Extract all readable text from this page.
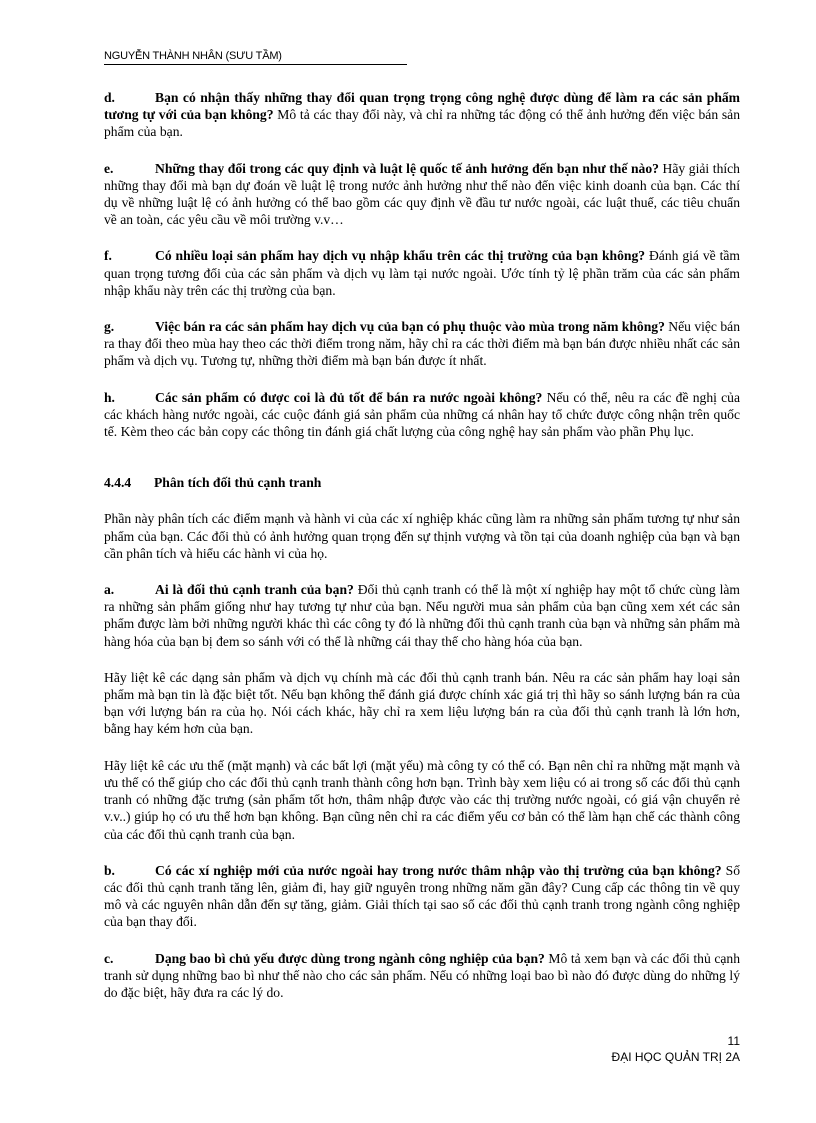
NGUYỄN THÀNH NHÂN (SƯU TẦM)

d.	Bạn có nhận thấy những thay đổi quan trọng trọng công nghệ được dùng để làm ra các sản phẩm tương tự với của bạn không? Mô tả các thay đổi này, và chỉ ra những tác động có thể ảnh hưởng đến việc bán sản phẩm của bạn.

e.	Những thay đổi trong các quy định và luật lệ quốc tế ảnh hưởng đến bạn như thế nào? Hãy giải thích những thay đổi mà bạn dự đoán về luật lệ trong nước ảnh hưởng như thế nào đến việc kinh doanh của bạn. Các thí dụ về những luật lệ có ảnh hưởng có thể bao gồm các quy định về đầu tư nước ngoài, các luật thuế, các tiêu chuẩn về an toàn, các yêu cầu về môi trường v.v…

f.	Có nhiều loại sản phẩm hay dịch vụ nhập khẩu trên các thị trường của bạn không? Đánh giá về tầm quan trọng tương đối của các sản phẩm và dịch vụ làm tại nước ngoài. Ước tính tỷ lệ phần trăm của các sản phẩm nhập khẩu này trên các thị trường của bạn.

g.	Việc bán ra các sản phẩm hay dịch vụ của bạn có phụ thuộc vào mùa trong năm không? Nếu việc bán ra thay đổi theo mùa hay theo các thời điểm trong năm, hãy chỉ ra các thời điểm mà bạn bán được nhiều nhất các sản phẩm và dịch vụ. Tương tự, những thời điểm mà bạn bán được ít nhất.

h.	Các sản phẩm có được coi là đủ tốt để bán ra nước ngoài không? Nếu có thể, nêu ra các đề nghị của các khách hàng nước ngoài, các cuộc đánh giá sản phẩm của những cá nhân hay tổ chức được công nhận trên quốc tế. Kèm theo các bản copy các thông tin đánh giá chất lượng của công nghệ hay sản phẩm vào phần Phụ lục.

4.4.4 Phân tích đối thủ cạnh tranh

Phần này phân tích các điểm mạnh và hành vi của các xí nghiệp khác cũng làm ra những sản phẩm tương tự như sản phẩm của bạn. Các đối thủ có ảnh hưởng quan trọng đến sự thịnh vượng và tồn tại của doanh nghiệp của bạn và bạn cần phân tích và hiểu các hành vi của họ.

a.	Ai là đối thủ cạnh tranh của bạn? Đối thủ cạnh tranh có thể là một xí nghiệp hay một tổ chức cùng làm ra những sản phẩm giống như hay tương tự như của bạn. Nếu người mua sản phẩm của bạn cũng xem xét các sản phẩm được làm bởi những người khác thì các công ty đó là những đối thủ cạnh tranh của bạn và những sản phẩm mà hàng hóa của bạn bị đem so sánh với có thể là những cái thay thế cho hàng hóa của bạn.

Hãy liệt kê các dạng sản phẩm và dịch vụ chính mà các đối thủ cạnh tranh bán. Nêu ra các sản phẩm hay loại sản phẩm mà bạn tin là đặc biệt tốt. Nếu bạn không thể đánh giá được chính xác giá trị thì hãy so sánh lượng bán ra của bạn với lượng bán ra của họ. Nói cách khác, hãy chỉ ra xem liệu lượng bán ra của đối thủ cạnh tranh là lớn hơn, bằng hay kém hơn của bạn.

Hãy liệt kê các ưu thế (mặt mạnh) và các bất lợi (mặt yếu) mà công ty có thể có. Bạn nên chỉ ra những mặt mạnh và ưu thế có thể giúp cho các đối thủ cạnh tranh thành công hơn bạn. Trình bày xem liệu có ai trong số các đối thủ cạnh tranh có những đặc trưng (sản phẩm tốt hơn, thâm nhập được vào các thị trường nước ngoài, có giá vận chuyển rẻ v.v..) giúp họ có ưu thế hơn bạn không. Bạn cũng nên chỉ ra các điểm yếu cơ bản có thể làm hạn chế các thành công của các đối thủ cạnh tranh của bạn.

b.	Có các xí nghiệp mới của nước ngoài hay trong nước thâm nhập vào thị trường của bạn không? Số các đối thủ cạnh tranh tăng lên, giảm đi, hay giữ nguyên trong những năm gần đây? Cung cấp các thông tin về quy mô và các nguyên nhân dẫn đến sự tăng, giảm. Giải thích tại sao số các đối thủ cạnh tranh trong ngành công nghiệp của bạn thay đổi.

c.	Dạng bao bì chủ yếu được dùng trong ngành công nghiệp của bạn? Mô tả xem bạn và các đối thủ cạnh tranh sử dụng những bao bì như thế nào cho các sản phẩm. Nếu có những loại bao bì nào đó được dùng do những lý do đặc biệt, hãy đưa ra các lý do.

11
ĐẠI HỌC QUẢN TRỊ 2A
